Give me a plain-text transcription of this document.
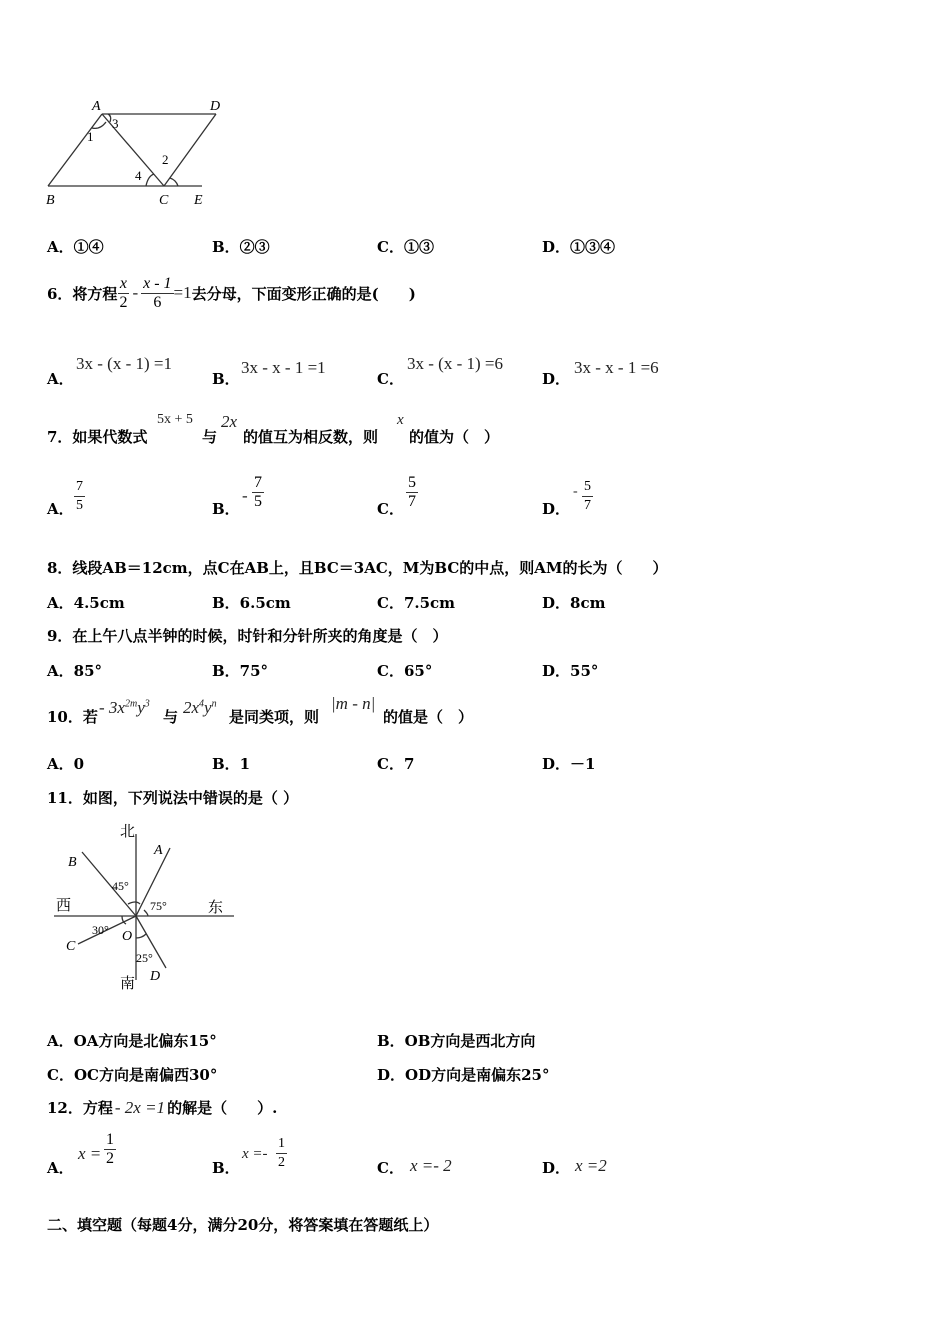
A	D
B	C E
1
3
2
4
A．①④	B．②③	C．①③	D．①③④
6．将方程 $\frac{x}{2} - \frac{x - 1}{6} =1$ 去分母，下面变形正确的是(　　)
A．
3x - (x - 1) =1
B．
3x - x - 1 =1
C．
3x - (x - 1) =6
D．
3x - x - 1 =6
7．如果代数式
5x + 5
与
2x
的值互为相反数，则
x
的值为（　）
A． $\frac{7}{5}$	B．
- $\frac{7}{5}$	C． $\frac{5}{7}$	D．
- $\frac{5}{7}$
8．线段AB＝12cm，点C在AB上，且BC＝3AC，M为BC的中点，则AM的长为（　　）
A．4.5cm	B．6.5cm	C．7.5cm	D．8cm
9．在上午八点半钟的时候，时针和分针所夹的角度是（　）
A．85°	B．75°	C．65°	D．55°
10．若 - $3x^{2m}y^3$
与 $2x^4y^n$
是同类项，则
|m - n|
的值是（　）
A．0	B．1	C．7	D．－1
11．如图，下列说法中错误的是（ ）
北
南
西	东
A
B
C
D
O
45°
75°
30°
25°
A．OA方向是北偏东15°	B．OB方向是西北方向
C．OC方向是南偏西30°	D．OD方向是南偏东25°
12．方程 - 2x =1 的解是（　　）.
A．
$x = \frac{1}{2}$	B．
$x =- \frac{1}{2}$	C． x =- 2	D． x =2
二、填空题（每题4分，满分20分，将答案填在答题纸上）
